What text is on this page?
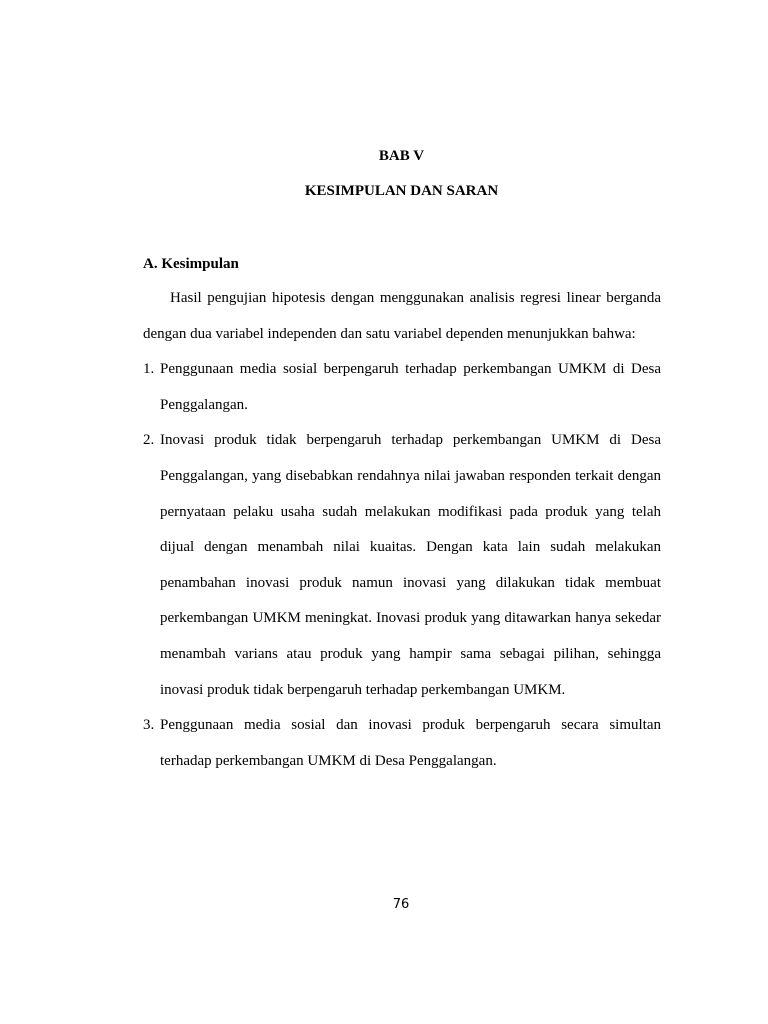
BAB V
KESIMPULAN DAN SARAN
A. Kesimpulan

Hasil pengujian hipotesis dengan menggunakan analisis regresi linear berganda dengan dua variabel independen dan satu variabel dependen menunjukkan bahwa:

1. Penggunaan media sosial berpengaruh terhadap perkembangan UMKM di Desa Penggalangan.
2. Inovasi produk tidak berpengaruh terhadap perkembangan UMKM di Desa Penggalangan, yang disebabkan rendahnya nilai jawaban responden terkait dengan pernyataan pelaku usaha sudah melakukan modifikasi pada produk yang telah dijual dengan menambah nilai kuaitas. Dengan kata lain sudah melakukan penambahan inovasi produk namun inovasi yang dilakukan tidak membuat perkembangan UMKM meningkat. Inovasi produk yang ditawarkan hanya sekedar menambah varians atau produk yang hampir sama sebagai pilihan, sehingga inovasi produk tidak berpengaruh terhadap perkembangan UMKM.
3. Penggunaan media sosial dan inovasi produk berpengaruh secara simultan terhadap perkembangan UMKM di Desa Penggalangan.
76
